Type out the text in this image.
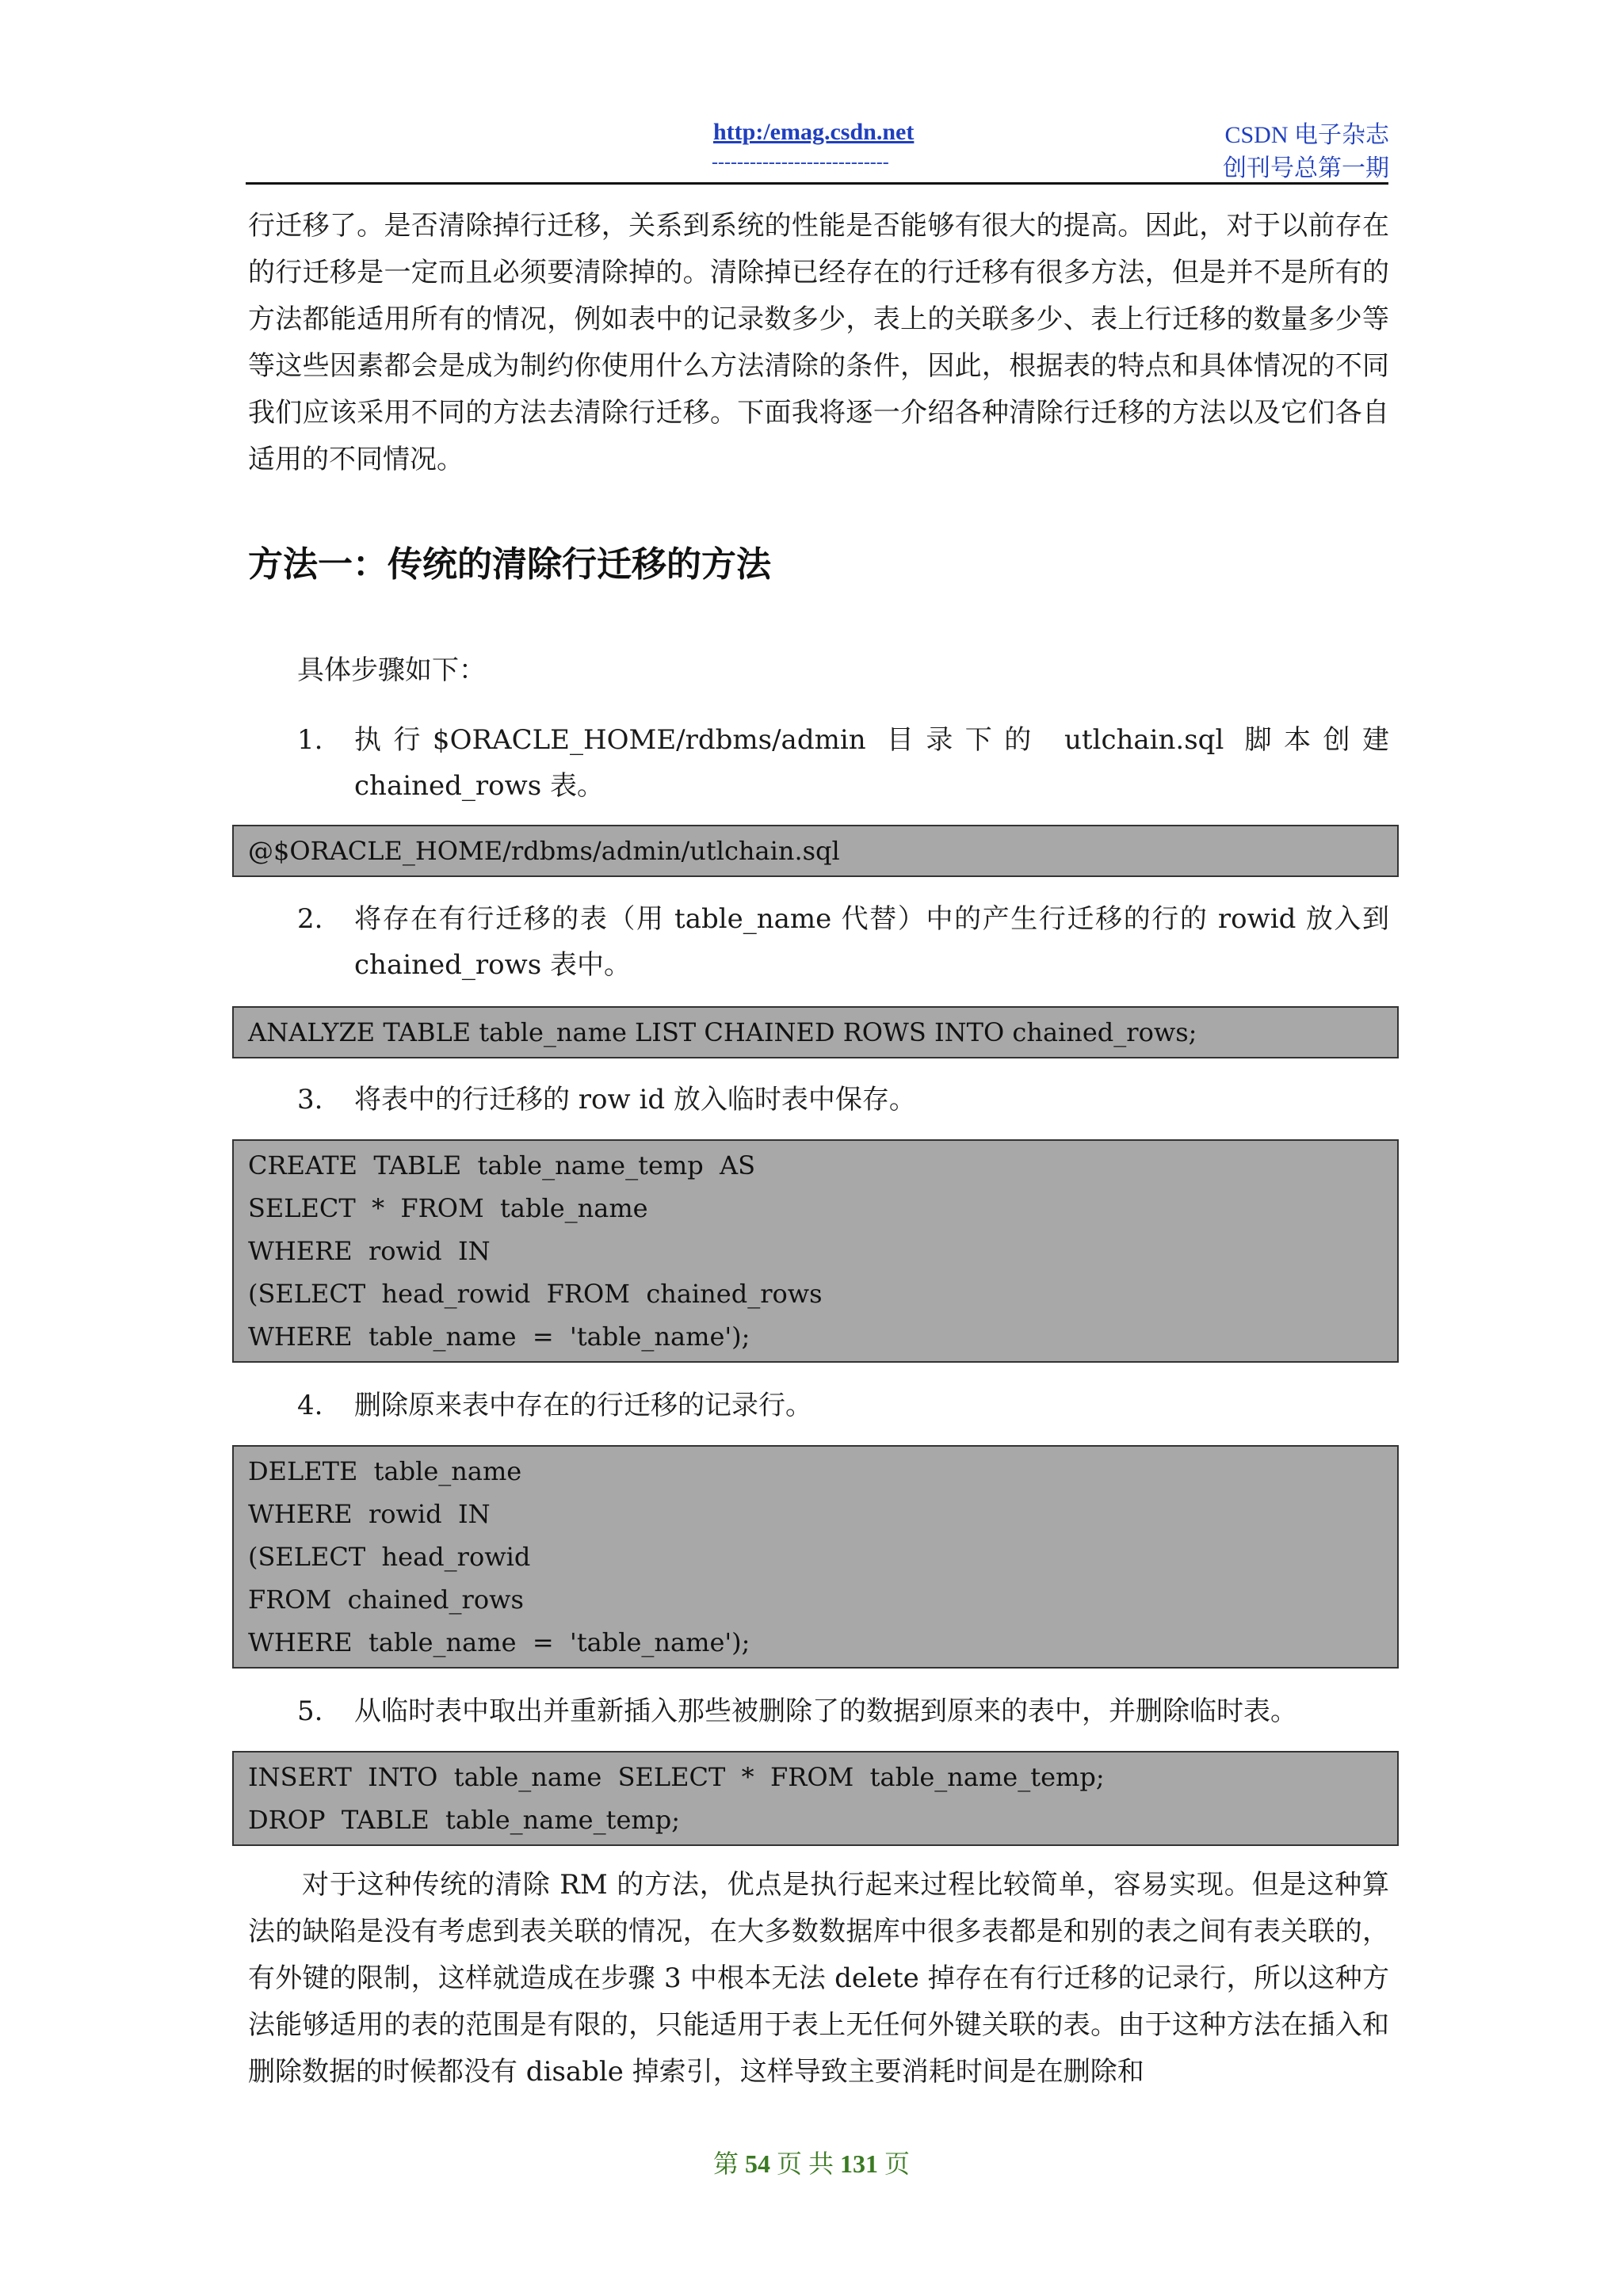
http:/emag.csdn.net
----------------------------
CSDN 电子杂志
创刊号总第一期
行迁移了。是否清除掉行迁移，关系到系统的性能是否能够有很大的提高。因此，对于以前存在的行迁移是一定而且必须要清除掉的。清除掉已经存在的行迁移有很多方法，但是并不是所有的方法都能适用所有的情况，例如表中的记录数多少，表上的关联多少、表上行迁移的数量多少等等这些因素都会是成为制约你使用什么方法清除的条件，因此，根据表的特点和具体情况的不同我们应该采用不同的方法去清除行迁移。下面我将逐一介绍各种清除行迁移的方法以及它们各自适用的不同情况。
方法一：传统的清除行迁移的方法
具体步骤如下：
1.	执行$ORACLE_HOME/rdbms/admin 目录下的 utlchain.sql 脚本创建 chained_rows 表。
@$ORACLE_HOME/rdbms/admin/utlchain.sql
2.	将存在有行迁移的表（用 table_name 代替）中的产生行迁移的行的 rowid 放入到 chained_rows 表中。
ANALYZE TABLE table_name LIST CHAINED ROWS INTO chained_rows;
3.	将表中的行迁移的 row id 放入临时表中保存。
CREATE  TABLE  table_name_temp  AS
SELECT  *  FROM  table_name
WHERE  rowid  IN
(SELECT  head_rowid  FROM  chained_rows
WHERE  table_name  =  'table_name');
4.	删除原来表中存在的行迁移的记录行。
DELETE  table_name
WHERE  rowid  IN
(SELECT  head_rowid
FROM  chained_rows
WHERE  table_name  =  'table_name');
5.	从临时表中取出并重新插入那些被删除了的数据到原来的表中，并删除临时表。
INSERT  INTO  table_name  SELECT  *  FROM  table_name_temp;
DROP  TABLE  table_name_temp;
对于这种传统的清除 RM 的方法，优点是执行起来过程比较简单，容易实现。但是这种算法的缺陷是没有考虑到表关联的情况，在大多数数据库中很多表都是和别的表之间有表关联的，有外键的限制，这样就造成在步骤 3 中根本无法 delete 掉存在有行迁移的记录行，所以这种方法能够适用的表的范围是有限的，只能适用于表上无任何外键关联的表。由于这种方法在插入和删除数据的时候都没有 disable 掉索引，这样导致主要消耗时间是在删除和
第 54 页 共 131 页
